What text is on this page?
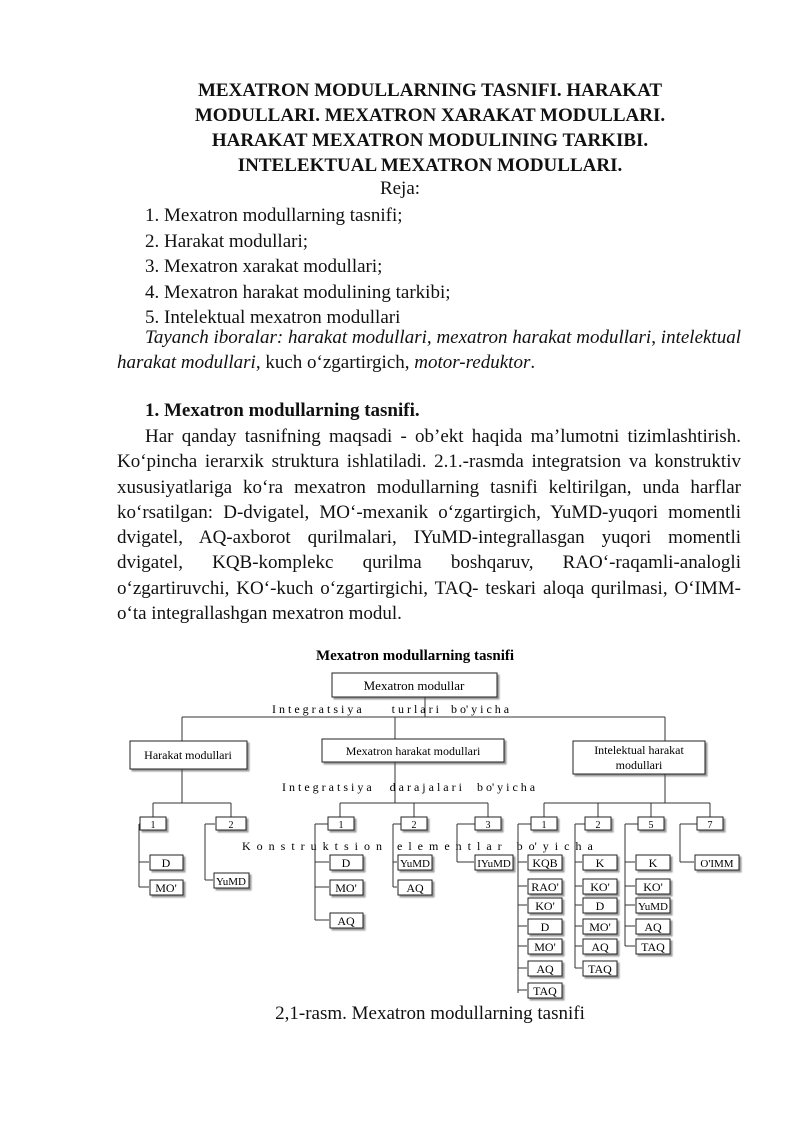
MEXATRON MODULLARNING TASNIFI. HARAKAT
MODULLARI. MEXATRON XARAKAT MODULLARI.
HARAKAT MEXATRON MODULINING TARKIBI.
INTELEKTUAL MEXATRON MODULLARI.
Reja:
1. Mexatron modullarning tasnifi;
2. Harakat modullari;
3. Mexatron xarakat modullari;
4. Mexatron harakat modulining tarkibi;
5. Intelektual mexatron modullari
Tayanch iboralar: harakat modullari, mexatron harakat modullari, intelektual harakat modullari, kuch o‘zgartirgich, motor-reduktor.
1. Mexatron modullarning tasnifi.
Har qanday tasnifning maqsadi - ob’ekt haqida ma’lumotni tizimlashtirish. Ko‘pincha ierarxik struktura ishlatiladi. 2.1.-rasmda integratsion va konstruktiv xususiyatlariga ko‘ra mexatron modullarning tasnifi keltirilgan, unda harflar ko‘rsatilgan: D-dvigatel, MO‘-mexanik o‘zgartirgich, YuMD-yuqori momentli dvigatel, AQ-axborot qurilmalari, IYuMD-integrallasgan yuqori momentli dvigatel, KQB-komplekc qurilma boshqaruv, RAO‘-raqamli-analogli o‘zgartiruvchi, KO‘-kuch o‘zgartirgichi, TAQ- teskari aloqa qurilmasi, O‘IMM-o‘ta integrallashgan mexatron modul.
Mexatron modullarning tasnifi
Mexatron modullar
I n t e g r a t s i y a          t u r l a r i    b o' y i c h a
Harakat modullari	Mexatron harakat modullari	Intelektual harakat
modullari
I n t e g r a t s i y a      d a r a j a l a r i     b o' y i c h a
1	2	1	2	3	1	2	5	7
K  o  n  s  t  r  u  k  t  s  i  o  n     e  l  e  m  e  n  t  l  a  r     b  o'  y  i  c  h  a
D
MO'	YuMD
D
MO'
AQ
YuMD
AQ
IYuMD KQB
RAO'
KO'
D
MO'
AQ
TAQ
K
KO'
D
MO'
AQ
TAQ
K
KO'
YuMD
AQ
TAQ
O'IMM
2,1-rasm. Mexatron modullarning tasnifi
